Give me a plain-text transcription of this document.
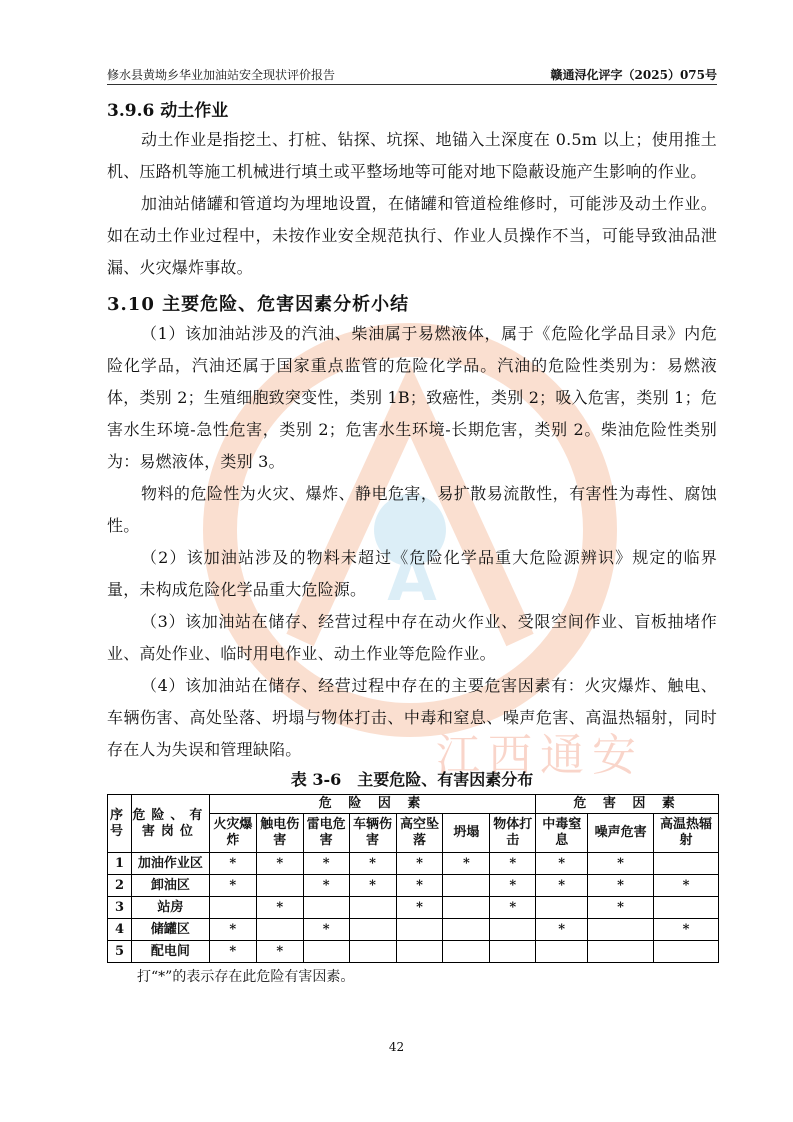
修水县黄坳乡华业加油站安全现状评价报告	赣通浔化评字（2025）075号
A
江西通安
3.9.6 动土作业

动土作业是指挖土、打桩、钻探、坑探、地锚入土深度在 0.5m 以上；使用推土机、压路机等施工机械进行填土或平整场地等可能对地下隐蔽设施产生影响的作业。

加油站储罐和管道均为埋地设置，在储罐和管道检维修时，可能涉及动土作业。如在动土作业过程中，未按作业安全规范执行、作业人员操作不当，可能导致油品泄漏、火灾爆炸事故。

3.10 主要危险、危害因素分析小结

（1）该加油站涉及的汽油、柴油属于易燃液体，属于《危险化学品目录》内危险化学品，汽油还属于国家重点监管的危险化学品。汽油的危险性类别为：易燃液体，类别 2；生殖细胞致突变性，类别 1B；致癌性，类别 2；吸入危害，类别 1；危害水生环境-急性危害，类别 2；危害水生环境-长期危害，类别 2。柴油危险性类别为：易燃液体，类别 3。

物料的危险性为火灾、爆炸、静电危害，易扩散易流散性，有害性为毒性、腐蚀性。

（2）该加油站涉及的物料未超过《危险化学品重大危险源辨识》规定的临界量，未构成危险化学品重大危险源。

（3）该加油站在储存、经营过程中存在动火作业、受限空间作业、盲板抽堵作业、高处作业、临时用电作业、动土作业等危险作业。

（4）该加油站在储存、经营过程中存在的主要危害因素有：火灾爆炸、触电、车辆伤害、高处坠落、坍塌与物体打击、中毒和窒息、噪声危害、高温热辐射，同时存在人为失误和管理缺陷。

表 3-6　主要危险、有害因素分布
序号	危险、有害岗位	危 险 因 素							危 害 因 素		
		火灾爆炸	触电伤害	雷电危害	车辆伤害	高空坠落	坍塌	物体打击	中毒窒息	噪声危害	高温热辐射
1	加油作业区	*	*	*	*	*	*	*	*	*	
2	卸油区	*		*	*	*		*	*	*	*
3	站房		*			*		*		*	
4	储罐区	*		*					*		*
5	配电间	*	*								
打“*”的表示存在此危险有害因素。
42
